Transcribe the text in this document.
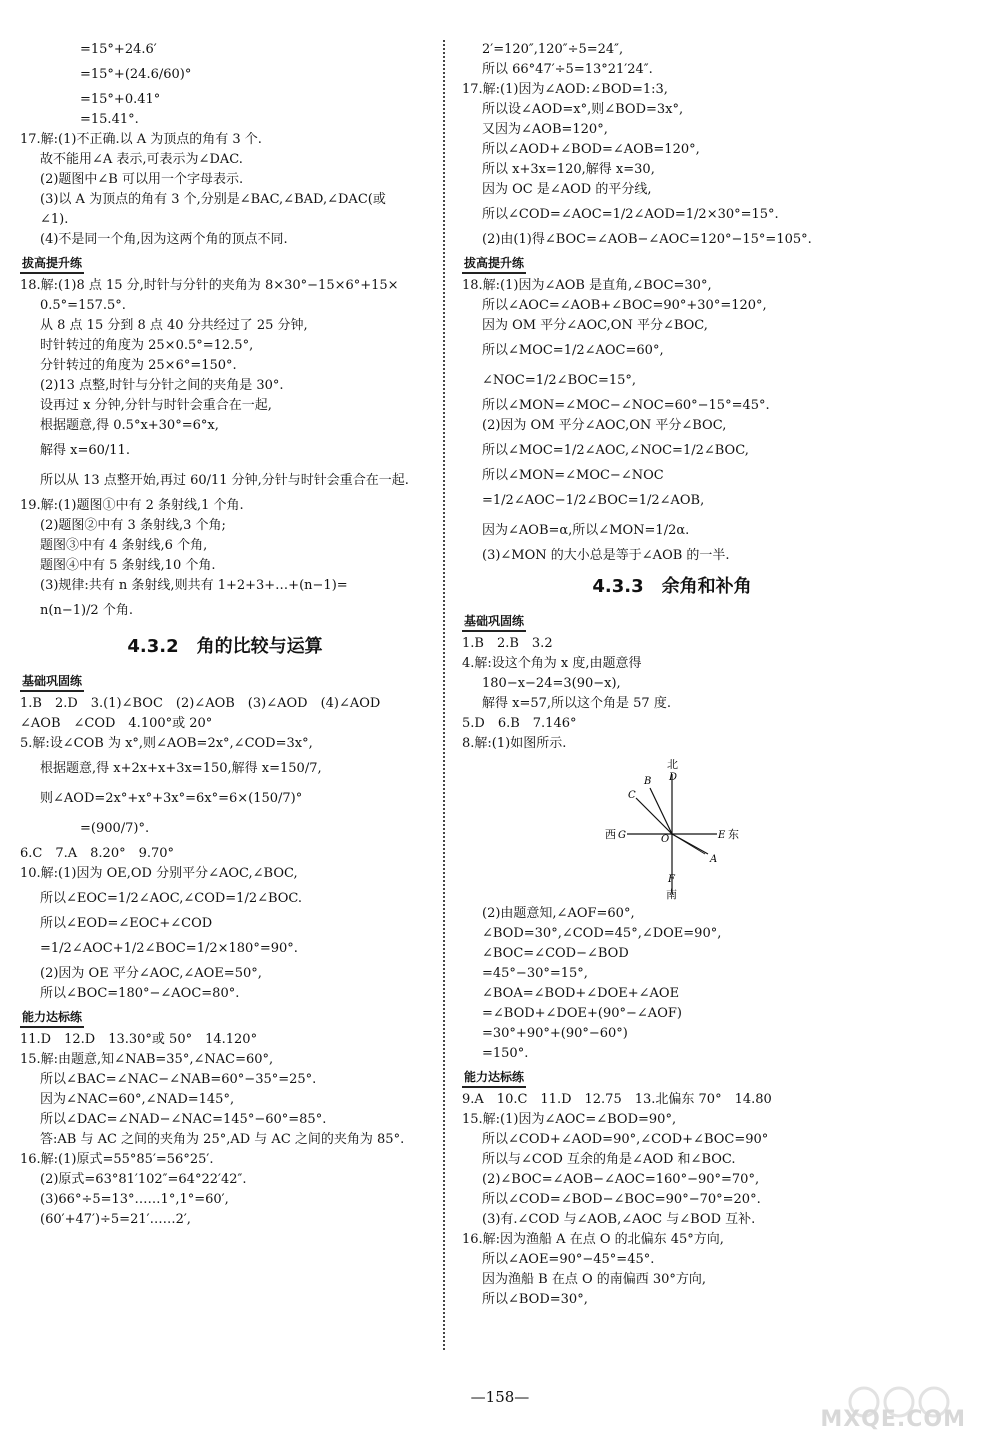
=15°+24.6′
=15°+(24.6/60)°
=15°+0.41°
=15.41°.
17.解:(1)不正确.以 A 为顶点的角有 3 个.
故不能用∠A 表示,可表示为∠DAC.
(2)题图中∠B 可以用一个字母表示.
(3)以 A 为顶点的角有 3 个,分别是∠BAC,∠BAD,∠DAC(或
∠1).
(4)不是同一个角,因为这两个角的顶点不同.
拔高提升练

18.解:(1)8 点 15 分,时针与分针的夹角为 8×30°−15×6°+15×
0.5°=157.5°.
从 8 点 15 分到 8 点 40 分共经过了 25 分钟,
时针转过的角度为 25×0.5°=12.5°,
分针转过的角度为 25×6°=150°.
(2)13 点整,时针与分针之间的夹角是 30°.
设再过 x 分钟,分针与时针会重合在一起,
根据题意,得 0.5°x+30°=6°x,
解得 x=60/11.
所以从 13 点整开始,再过 60/11 分钟,分针与时针会重合在一起.
19.解:(1)题图①中有 2 条射线,1 个角.
(2)题图②中有 3 条射线,3 个角;
题图③中有 4 条射线,6 个角,
题图④中有 5 条射线,10 个角.
(3)规律:共有 n 条射线,则共有 1+2+3+…+(n−1)=
n(n−1)/2 个角.
4.3.2　角的比较与运算
基础巩固练

1.B　2.D　3.(1)∠BOC　(2)∠AOB　(3)∠AOD　(4)∠AOD
∠AOB　∠COD　4.100°或 20°
5.解:设∠COB 为 x°,则∠AOB=2x°,∠COD=3x°,
根据题意,得 x+2x+x+3x=150,解得 x=150/7,
则∠AOD=2x°+x°+3x°=6x°=6×(150/7)°
=(900/7)°.
6.C　7.A　8.20°　9.70°
10.解:(1)因为 OE,OD 分别平分∠AOC,∠BOC,
所以∠EOC=1/2∠AOC,∠COD=1/2∠BOC.
所以∠EOD=∠EOC+∠COD
=1/2∠AOC+1/2∠BOC=1/2×180°=90°.
(2)因为 OE 平分∠AOC,∠AOE=50°,
所以∠BOC=180°−∠AOC=80°.
能力达标练

11.D　12.D　13.30°或 50°　14.120°
15.解:由题意,知∠NAB=35°,∠NAC=60°,
所以∠BAC=∠NAC−∠NAB=60°−35°=25°.
因为∠NAC=60°,∠NAD=145°,
所以∠DAC=∠NAD−∠NAC=145°−60°=85°.
答:AB 与 AC 之间的夹角为 25°,AD 与 AC 之间的夹角为 85°.
16.解:(1)原式=55°85′=56°25′.
(2)原式=63°81′102″=64°22′42″.
(3)66°÷5=13°……1°,1°=60′,
(60′+47′)÷5=21′……2′,
2′=120″,120″÷5=24″,
所以 66°47′÷5=13°21′24″.
17.解:(1)因为∠AOD:∠BOD=1:3,
所以设∠AOD=x°,则∠BOD=3x°,
又因为∠AOB=120°,
所以∠AOD+∠BOD=∠AOB=120°,
所以 x+3x=120,解得 x=30,
因为 OC 是∠AOD 的平分线,
所以∠COD=∠AOC=1/2∠AOD=1/2×30°=15°.
(2)由(1)得∠BOC=∠AOB−∠AOC=120°−15°=105°.
拔高提升练

18.解:(1)因为∠AOB 是直角,∠BOC=30°,
所以∠AOC=∠AOB+∠BOC=90°+30°=120°,
因为 OM 平分∠AOC,ON 平分∠BOC,
所以∠MOC=1/2∠AOC=60°,
∠NOC=1/2∠BOC=15°,
所以∠MON=∠MOC−∠NOC=60°−15°=45°.
(2)因为 OM 平分∠AOC,ON 平分∠BOC,
所以∠MOC=1/2∠AOC,∠NOC=1/2∠BOC,
所以∠MON=∠MOC−∠NOC
=1/2∠AOC−1/2∠BOC=1/2∠AOB,
因为∠AOB=α,所以∠MON=1/2α.
(3)∠MON 的大小总是等于∠AOB 的一半.
4.3.3　余角和补角
基础巩固练

1.B　2.B　3.2
4.解:设这个角为 x 度,由题意得
180−x−24=3(90−x),
解得 x=57,所以这个角是 57 度.
5.D　6.B　7.146°
8.解:(1)如图所示.
北
D
B
C
西 G	O	E 东
A
F
南
(2)由题意知,∠AOF=60°,
∠BOD=30°,∠COD=45°,∠DOE=90°,
∠BOC=∠COD−∠BOD
=45°−30°=15°,
∠BOA=∠BOD+∠DOE+∠AOE
=∠BOD+∠DOE+(90°−∠AOF)
=30°+90°+(90°−60°)
=150°.
能力达标练

9.A　10.C　11.D　12.75　13.北偏东 70°　14.80
15.解:(1)因为∠AOC=∠BOD=90°,
所以∠COD+∠AOD=90°,∠COD+∠BOC=90°
所以与∠COD 互余的角是∠AOD 和∠BOC.
(2)∠BOC=∠AOB−∠AOC=160°−90°=70°,
所以∠COD=∠BOD−∠BOC=90°−70°=20°.
(3)有.∠COD 与∠AOB,∠AOC 与∠BOD 互补.
16.解:因为渔船 A 在点 O 的北偏东 45°方向,
所以∠AOE=90°−45°=45°.
因为渔船 B 在点 O 的南偏西 30°方向,
所以∠BOD=30°,
—158—
MXQE.COM
